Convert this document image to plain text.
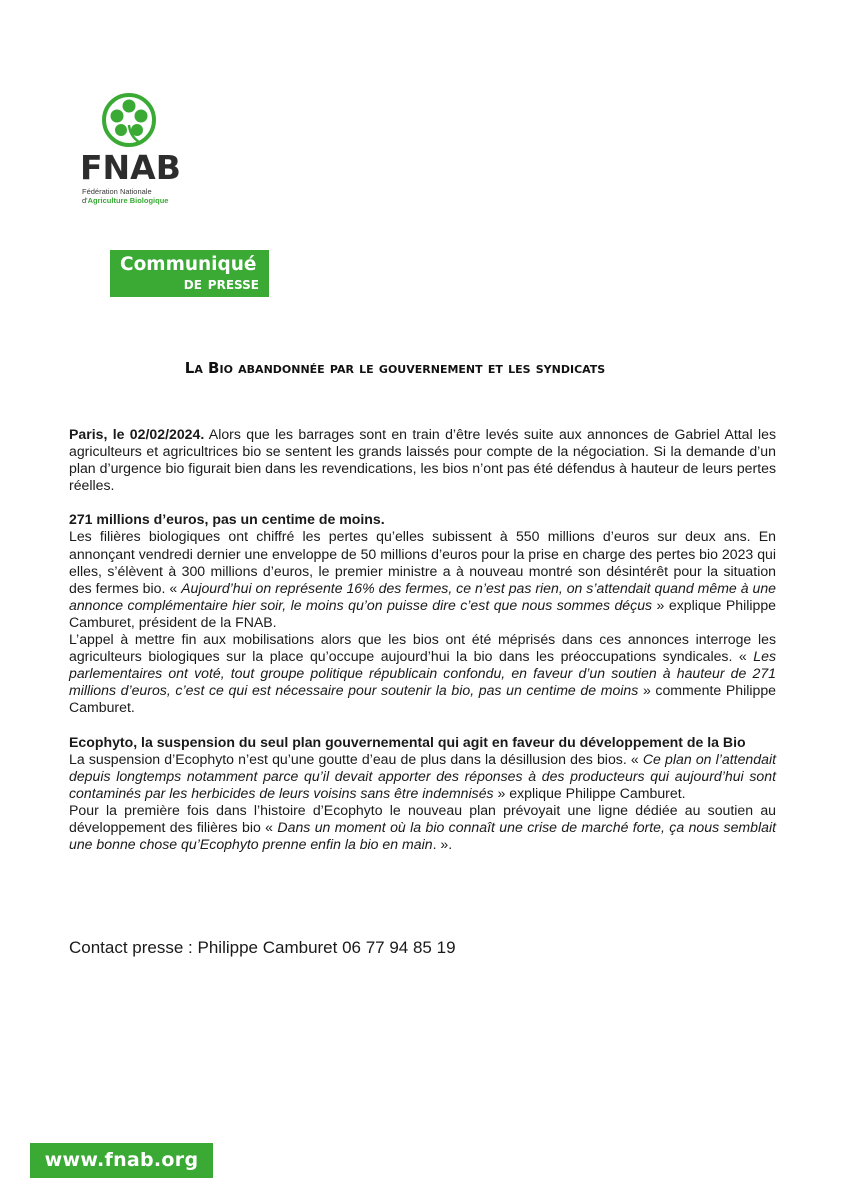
FNAB
Fédération Nationale
d'Agriculture Biologique
Communiqué
de presse
La Bio abandonnée par le gouvernement et les syndicats

Paris, le 02/02/2024. Alors que les barrages sont en train d’être levés suite aux annonces de Gabriel Attal les agriculteurs et agricultrices bio se sentent les grands laissés pour compte de la négociation. Si la demande d’un plan d’urgence bio figurait bien dans les revendications, les bios n’ont pas été défendus à hauteur de leurs pertes réelles.

271 millions d’euros, pas un centime de moins.

Les filières biologiques ont chiffré les pertes qu’elles subissent à 550 millions d’euros sur deux ans. En annonçant vendredi dernier une enveloppe de 50 millions d’euros pour la prise en charge des pertes bio 2023 qui elles, s’élèvent à 300 millions d’euros, le premier ministre a à nouveau montré son désintérêt pour la situation des fermes bio. « Aujourd’hui on représente 16% des fermes, ce n’est pas rien, on s’attendait quand même à une annonce complémentaire hier soir, le moins qu’on puisse dire c’est que nous sommes déçus » explique Philippe Camburet, président de la FNAB.

L’appel à mettre fin aux mobilisations alors que les bios ont été méprisés dans ces annonces interroge les agriculteurs biologiques sur la place qu’occupe aujourd’hui la bio dans les préoccupations syndicales. « Les parlementaires ont voté, tout groupe politique républicain confondu, en faveur d’un soutien à hauteur de 271 millions d’euros, c’est ce qui est nécessaire pour soutenir la bio, pas un centime de moins » commente Philippe Camburet.

Ecophyto, la suspension du seul plan gouvernemental qui agit en faveur du développement de la Bio

La suspension d’Ecophyto n’est qu’une goutte d’eau de plus dans la désillusion des bios. « Ce plan on l’attendait depuis longtemps notamment parce qu’il devait apporter des réponses à des producteurs qui aujourd’hui sont contaminés par les herbicides de leurs voisins sans être indemnisés » explique Philippe Camburet.

Pour la première fois dans l’histoire d’Ecophyto le nouveau plan prévoyait une ligne dédiée au soutien au développement des filières bio « Dans un moment où la bio connaît une crise de marché forte, ça nous semblait une bonne chose qu’Ecophyto prenne enfin la bio en main. ».

Contact presse : Philippe Camburet 06 77 94 85 19
www.fnab.org
